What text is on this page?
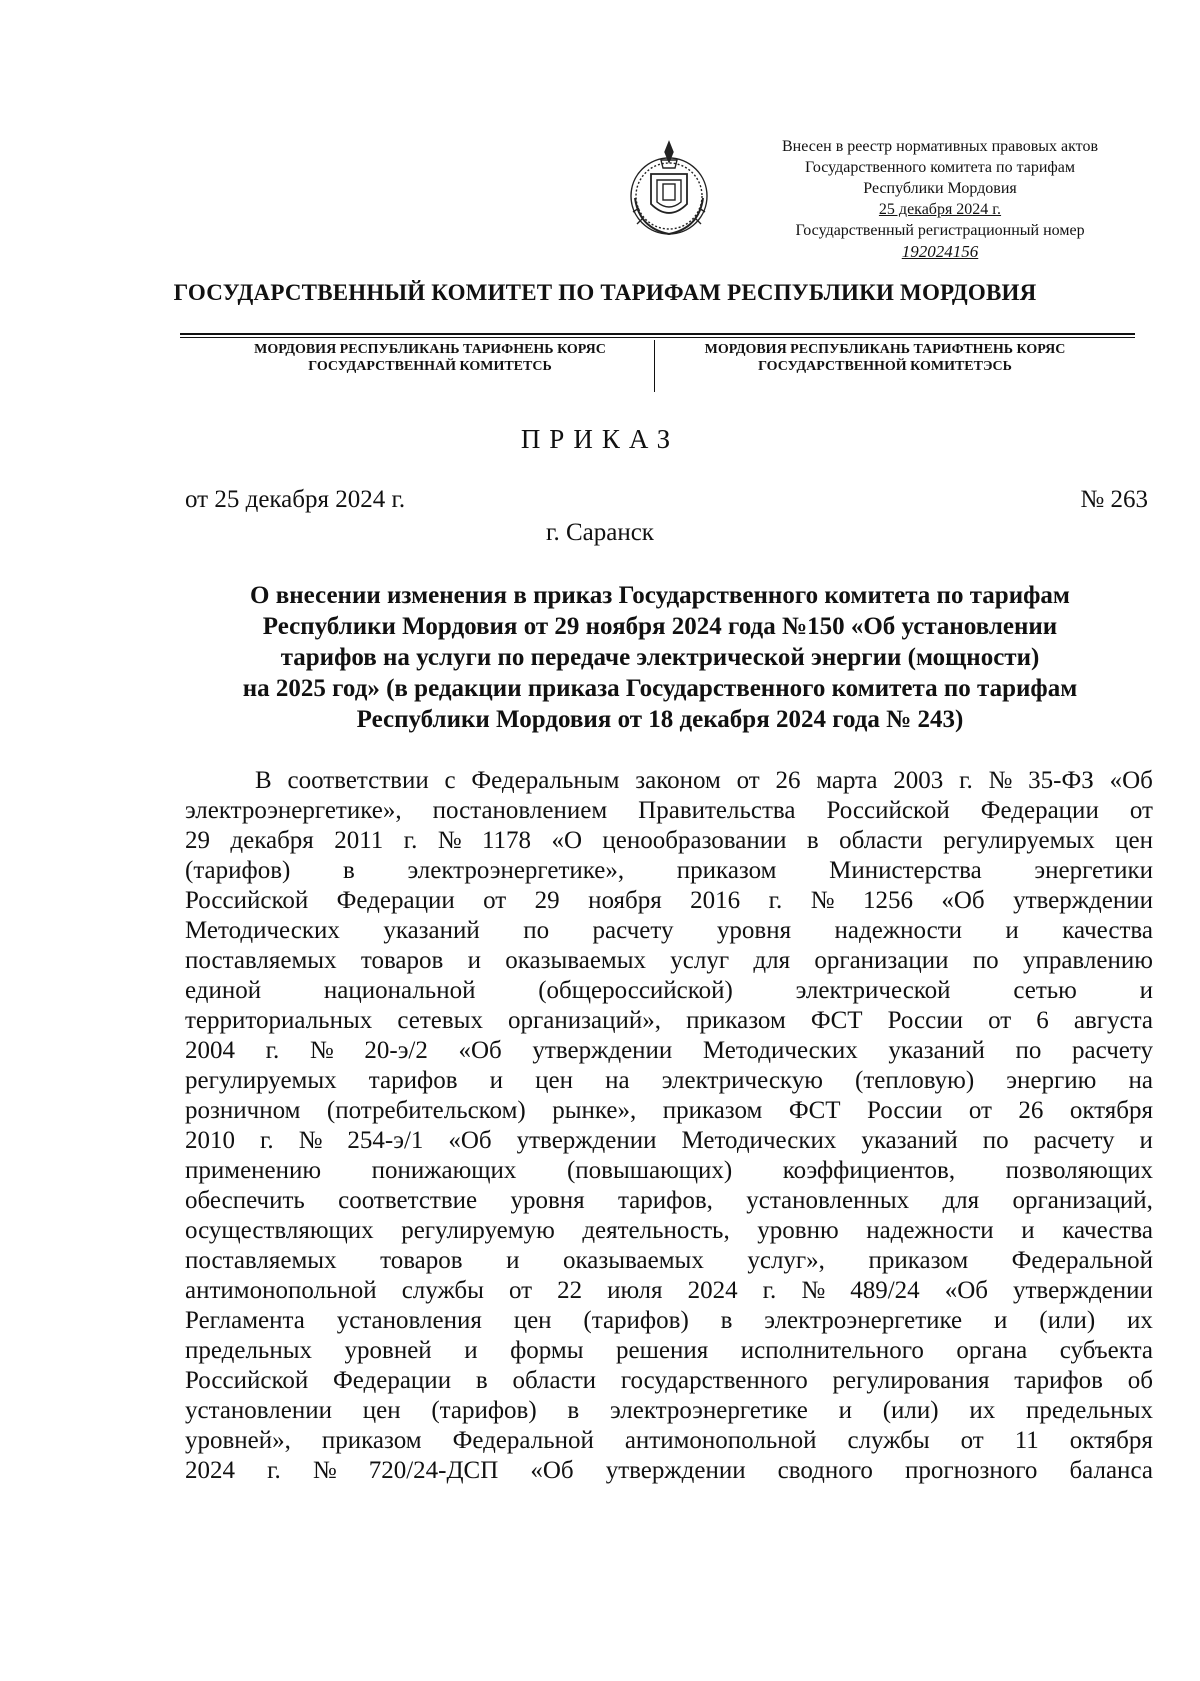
Внесен в реестр нормативных правовых актов
Государственного комитета по тарифам
Республики Мордовия
25 декабря 2024 г.
Государственный регистрационный номер
192024156
ГОСУДАРСТВЕННЫЙ КОМИТЕТ ПО ТАРИФАМ РЕСПУБЛИКИ МОРДОВИЯ
МОРДОВИЯ РЕСПУБЛИКАНЬ ТАРИФНЕНЬ КОРЯС
ГОСУДАРСТВЕННАЙ КОМИТЕТСЬ
МОРДОВИЯ РЕСПУБЛИКАНЬ ТАРИФТНЕНЬ КОРЯС
ГОСУДАРСТВЕННОЙ КОМИТЕТЭСЬ
ПРИКАЗ
от 25 декабря 2024 г.	№ 263
г. Саранск
О внесении изменения в приказ Государственного комитета по тарифам
Республики Мордовия от 29 ноября 2024 года №150 «Об установлении
тарифов на услуги по передаче электрической энергии (мощности)
на 2025 год» (в редакции приказа Государственного комитета по тарифам
Республики Мордовия от 18 декабря 2024 года № 243)
В соответствии с Федеральным законом от 26 марта 2003 г. № 35-ФЗ «Об
электроэнергетике», постановлением Правительства Российской Федерации от
29 декабря 2011 г. № 1178 «О ценообразовании в области регулируемых цен
(тарифов) в электроэнергетике», приказом Министерства энергетики
Российской Федерации от 29 ноября 2016 г. № 1256 «Об утверждении
Методических указаний по расчету уровня надежности и качества
поставляемых товаров и оказываемых услуг для организации по управлению
единой	национальной	(общероссийской)	электрической	сетью	и
территориальных сетевых организаций», приказом ФСТ России от 6 августа
2004 г. № 20-э/2 «Об утверждении Методических указаний по расчету
регулируемых тарифов и цен на электрическую (тепловую) энергию на
розничном (потребительском) рынке», приказом ФСТ России от 26 октября
2010 г. № 254-э/1 «Об утверждении Методических указаний по расчету и
применению понижающих (повышающих) коэффициентов, позволяющих
обеспечить соответствие уровня тарифов, установленных для организаций,
осуществляющих регулируемую деятельность, уровню надежности и качества
поставляемых товаров и оказываемых услуг», приказом Федеральной
антимонопольной службы от 22 июля 2024 г. № 489/24 «Об утверждении
Регламента установления цен (тарифов) в электроэнергетике и (или) их
предельных уровней и формы решения исполнительного органа субъекта
Российской Федерации в области государственного регулирования тарифов об
установлении цен (тарифов) в электроэнергетике и (или) их предельных
уровней», приказом Федеральной антимонопольной службы от 11 октября
2024 г. № 720/24-ДСП «Об утверждении сводного прогнозного баланса
